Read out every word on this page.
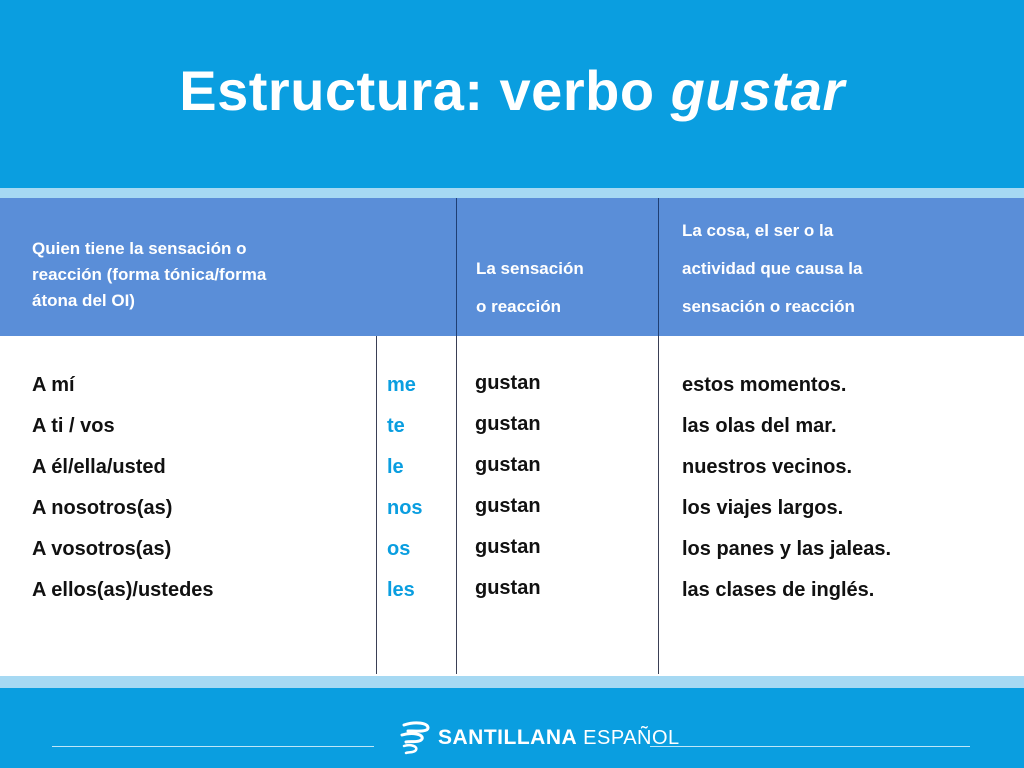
Estructura: verbo gustar
Quien tiene la sensación o
reacción (forma tónica/forma
átona del OI)
La sensación
o reacción
La cosa, el ser o la
actividad que causa la
sensación o reacción
A mí
A ti / vos
A él/ella/usted
A nosotros(as)
A vosotros(as)
A ellos(as)/ustedes
me
te
le
nos
os
les
gustan
gustan
gustan
gustan
gustan
gustan
estos momentos.
las olas del mar.
nuestros vecinos.
los viajes largos.
los panes y las jaleas.
las clases de inglés.
SANTILLANA ESPAÑOL
